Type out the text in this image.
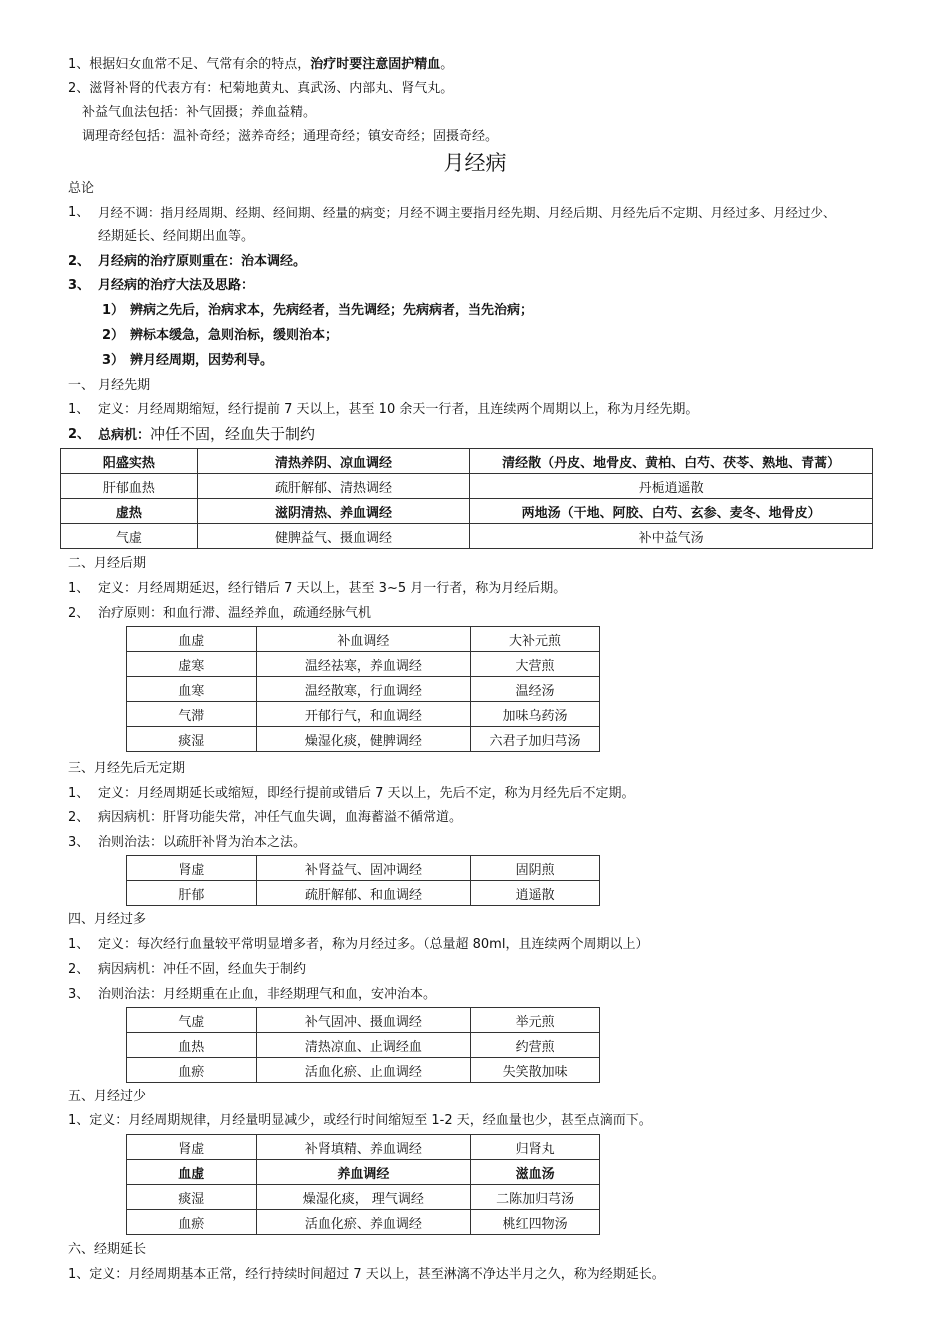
1、根据妇女血常不足、气常有余的特点，治疗时要注意固护精血。
2、滋肾补肾的代表方有：杞菊地黄丸、真武汤、内部丸、肾气丸。
补益气血法包括：补气固摄；养血益精。
调理奇经包括：温补奇经；滋养奇经；通理奇经；镇安奇经；固摄奇经。
月经病
总论
1、 月经不调：指月经周期、经期、经间期、经量的病变；月经不调主要指月经先期、月经后期、月经先后不定期、月经过多、月经过少、
经期延长、经间期出血等。
2、 月经病的治疗原则重在：治本调经。
3、 月经病的治疗大法及思路：
1） 辨病之先后，治病求本，先病经者，当先调经；先病病者，当先治病；
2） 辨标本缓急，急则治标，缓则治本；
3） 辨月经周期，因势利导。
一、 月经先期
1、 定义：月经周期缩短，经行提前 7 天以上，甚至 10 余天一行者，且连续两个周期以上，称为月经先期。
2、 总病机：冲任不固，经血失于制约
阳盛实热	清热养阴、凉血调经	清经散（丹皮、地骨皮、黄柏、白芍、茯苓、熟地、青蒿）
肝郁血热	疏肝解郁、清热调经	丹栀逍遥散
虚热	滋阴清热、养血调经	两地汤（干地、阿胶、白芍、玄参、麦冬、地骨皮）
气虚	健脾益气、摄血调经	补中益气汤
二、月经后期
1、 定义：月经周期延迟，经行错后 7 天以上，甚至 3~5 月一行者，称为月经后期。
2、 治疗原则：和血行滞、温经养血，疏通经脉气机
血虚	补血调经	大补元煎
虚寒	温经祛寒，养血调经	大营煎
血寒	温经散寒，行血调经	温经汤
气滞	开郁行气，和血调经	加味乌药汤
痰湿	燥湿化痰，健脾调经	六君子加归芎汤
三、月经先后无定期
1、 定义：月经周期延长或缩短，即经行提前或错后 7 天以上，先后不定，称为月经先后不定期。
2、 病因病机：肝肾功能失常，冲任气血失调，血海蓄溢不循常道。
3、 治则治法：以疏肝补肾为治本之法。
肾虚	补肾益气、固冲调经	固阴煎
肝郁	疏肝解郁、和血调经	逍遥散
四、月经过多
1、 定义：每次经行血量较平常明显增多者，称为月经过多。（总量超 80ml，且连续两个周期以上）
2、 病因病机：冲任不固，经血失于制约
3、 治则治法：月经期重在止血，非经期理气和血，安冲治本。
气虚	补气固冲、摄血调经	举元煎
血热	清热凉血、止调经血	约营煎
血瘀	活血化瘀、止血调经	失笑散加味
五、月经过少
1、定义：月经周期规律，月经量明显减少，或经行时间缩短至 1-2 天，经血量也少，甚至点滴而下。
肾虚	补肾填精、养血调经	归肾丸
血虚	养血调经	滋血汤
痰湿	燥湿化痰， 理气调经	二陈加归芎汤
血瘀	活血化瘀、养血调经	桃红四物汤
六、经期延长
1、定义：月经周期基本正常，经行持续时间超过 7 天以上，甚至淋漓不净达半月之久，称为经期延长。
